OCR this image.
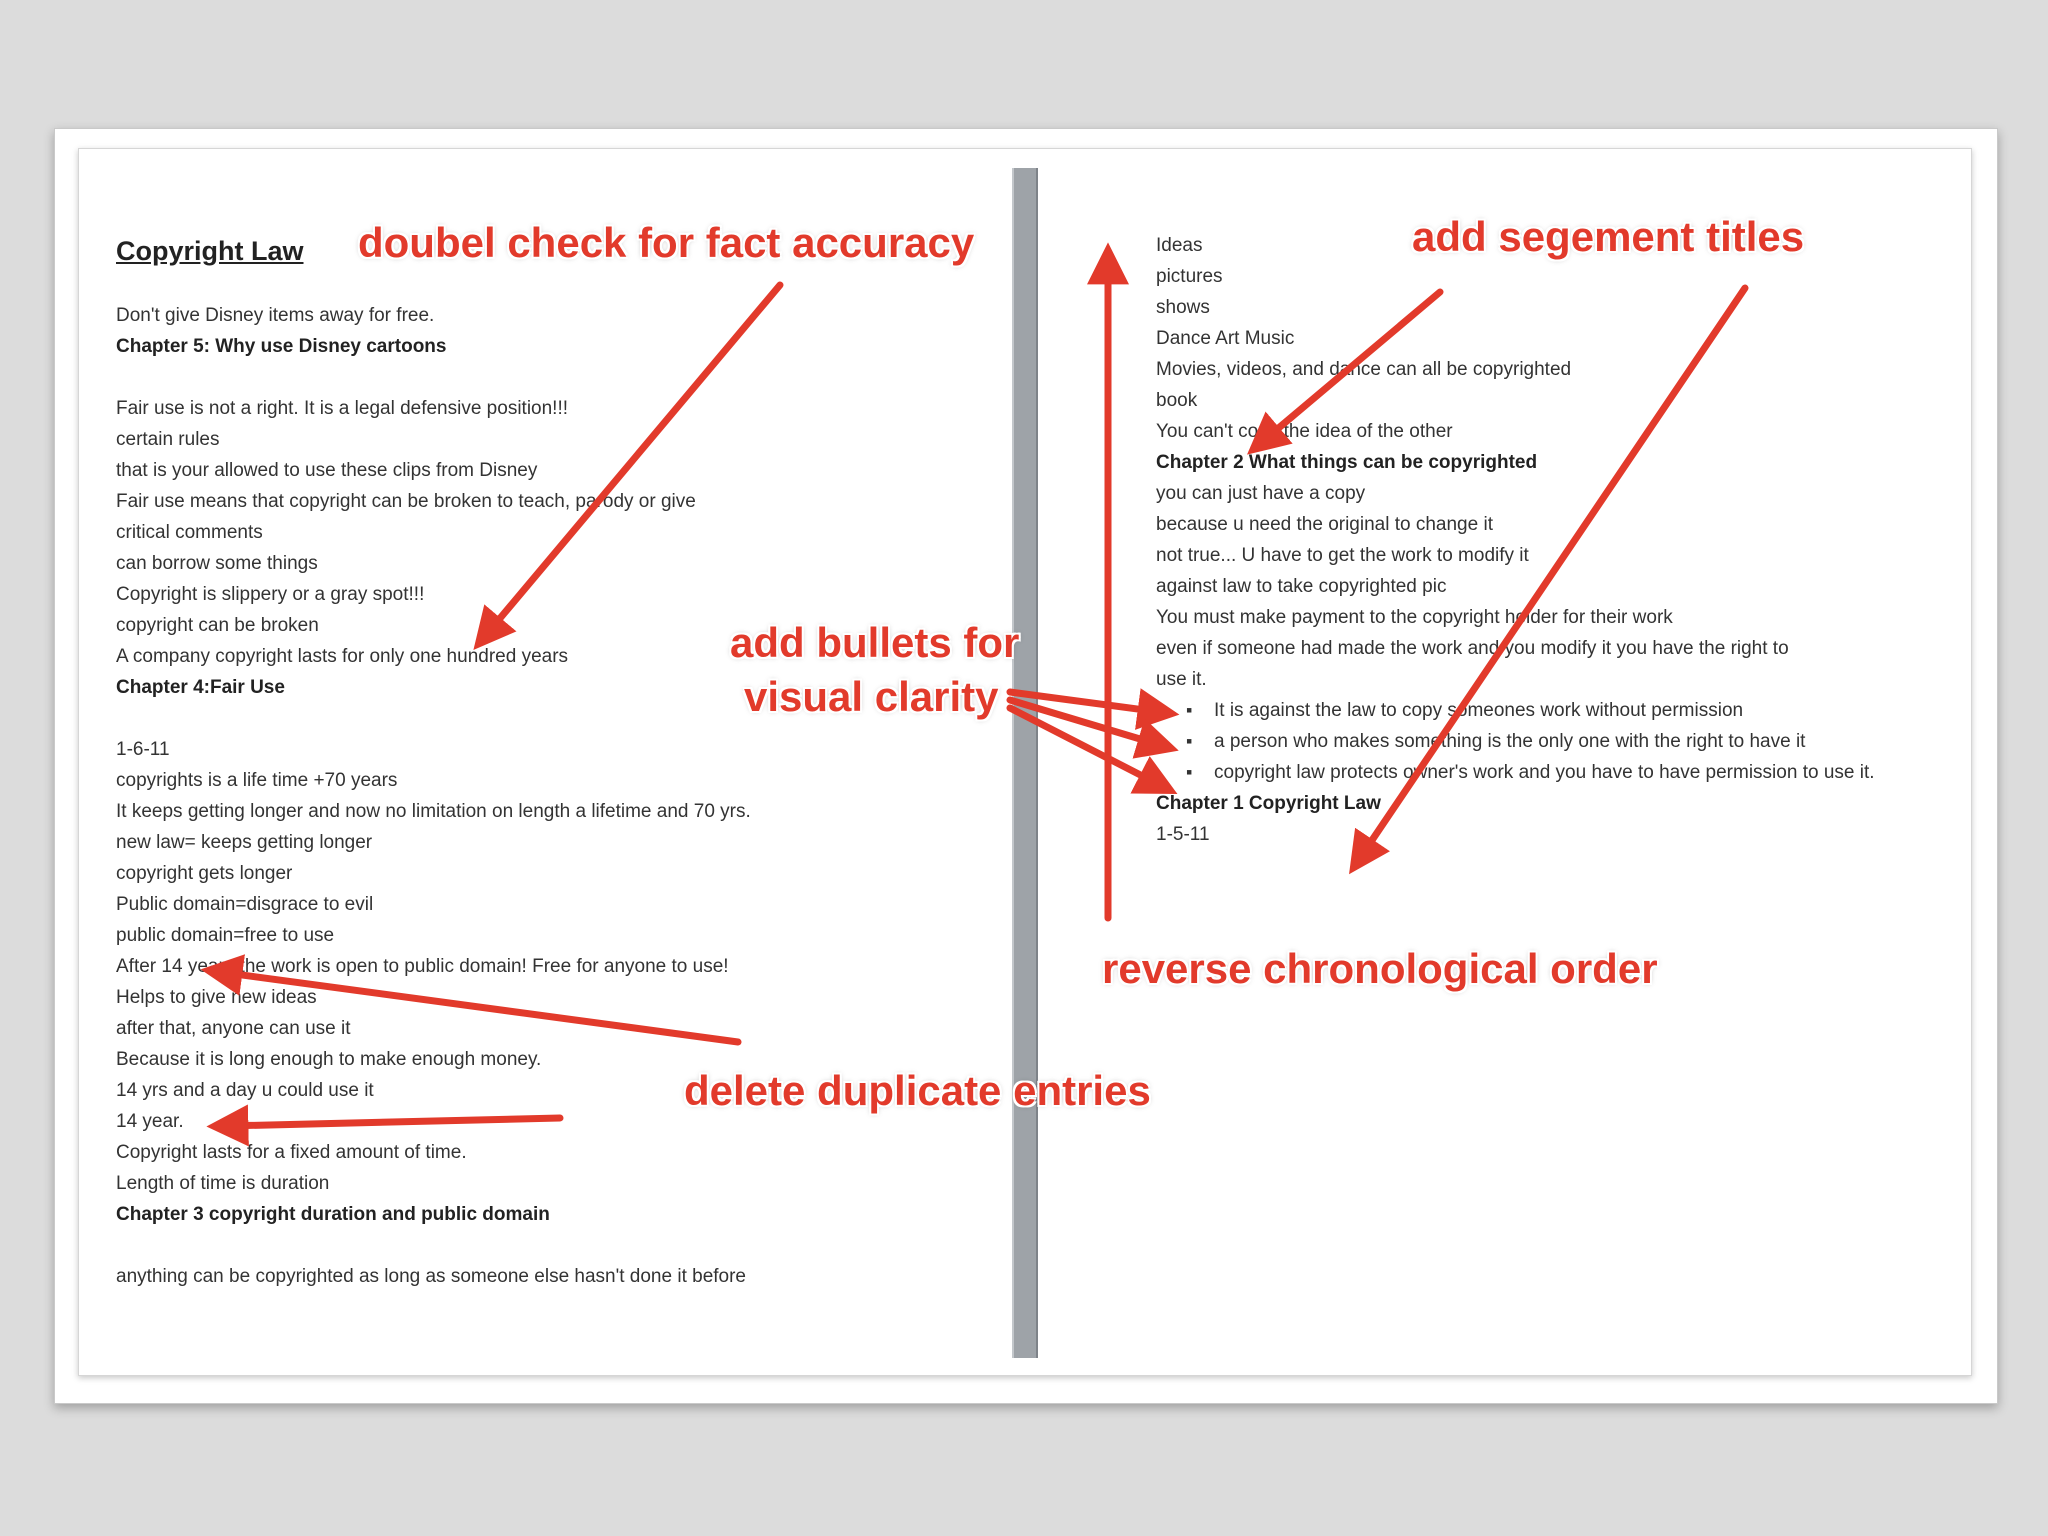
Copyright Law
Don't give Disney items away for free.
Chapter 5: Why use Disney cartoons
Fair use is not a right. It is a legal defensive position!!!
certain rules
that is your allowed to use these clips from Disney
Fair use means that copyright can be broken to teach, parody or give
critical comments
can borrow some things
Copyright is slippery or a gray spot!!!
copyright can be broken
A company copyright lasts for only one hundred years
Chapter 4:Fair Use
1-6-11
copyrights is a life time +70 years
It keeps getting longer and now no limitation on length a lifetime and 70 yrs.
new law= keeps getting longer
copyright gets longer
Public domain=disgrace to evil
public domain=free to use
After 14 years the work is open to public domain! Free for anyone to use!
Helps to give new ideas
after that, anyone can use it
Because it is long enough to make enough money.
14 yrs and a day u could use it
14 year.
Copyright lasts for a fixed amount of time.
Length of time is duration
Chapter 3 copyright duration and public domain
anything can be copyrighted as long as someone else hasn't done it before
Ideas
pictures
shows
Dance Art Music
Movies, videos, and dance can all be copyrighted
book
You can't copy the idea of the other
Chapter 2 What things can be copyrighted
you can just have a copy
because u need the original to change it
not true... U have to get the work to modify it
against law to take copyrighted pic
You must make payment to the copyright holder for their work
even if someone had made the work and you modify it you have the right to
use it.
▪ It is against the law to copy someones work without permission
▪ a person who makes something is the only one with the right to have it
▪ copyright law protects owner's work and you have to have permission to use it.
Chapter 1 Copyright Law
1-5-11
doubel check for fact accuracy	add segement titles
add bullets for
visual clarity
reverse chronological order
delete duplicate entries
